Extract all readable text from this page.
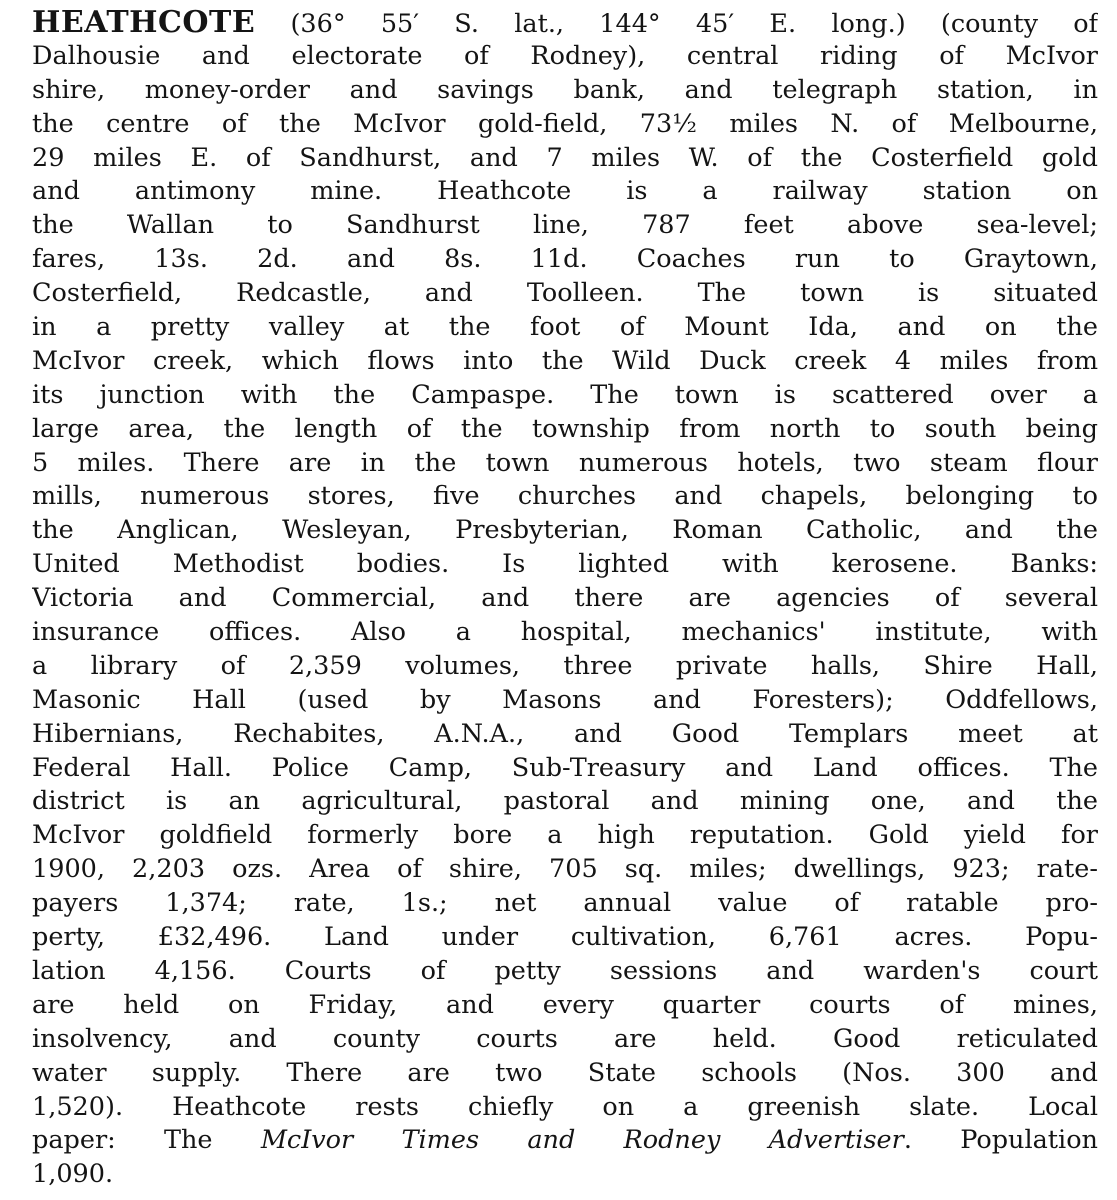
HEATHCOTE (36° 55′ S. lat., 144° 45′ E. long.) (county of
Dalhousie and electorate of Rodney), central riding of McIvor
shire, money-order and savings bank, and telegraph station, in
the centre of the McIvor gold-field, 73½ miles N. of Melbourne,
29 miles E. of Sandhurst, and 7 miles W. of the Costerfield gold
and antimony mine. Heathcote is a railway station on
the Wallan to Sandhurst line, 787 feet above sea-level;
fares, 13s. 2d. and 8s. 11d. Coaches run to Graytown,
Costerfield, Redcastle, and Toolleen. The town is situated
in a pretty valley at the foot of Mount Ida, and on the
McIvor creek, which flows into the Wild Duck creek 4 miles from
its junction with the Campaspe. The town is scattered over a
large area, the length of the township from north to south being
5 miles. There are in the town numerous hotels, two steam flour
mills, numerous stores, five churches and chapels, belonging to
the Anglican, Wesleyan, Presbyterian, Roman Catholic, and the
United Methodist bodies. Is lighted with kerosene. Banks:
Victoria and Commercial, and there are agencies of several
insurance offices. Also a hospital, mechanics' institute, with
a library of 2,359 volumes, three private halls, Shire Hall,
Masonic Hall (used by Masons and Foresters); Oddfellows,
Hibernians, Rechabites, A.N.A., and Good Templars meet at
Federal Hall. Police Camp, Sub-Treasury and Land offices. The
district is an agricultural, pastoral and mining one, and the
McIvor goldfield formerly bore a high reputation. Gold yield for
1900, 2,203 ozs. Area of shire, 705 sq. miles; dwellings, 923; rate-
payers 1,374; rate, 1s.; net annual value of ratable pro-
perty, £32,496. Land under cultivation, 6,761 acres. Popu-
lation 4,156. Courts of petty sessions and warden's court
are held on Friday, and every quarter courts of mines,
insolvency, and county courts are held. Good reticulated
water supply. There are two State schools (Nos. 300 and
1,520). Heathcote rests chiefly on a greenish slate. Local
paper: The McIvor Times and Rodney Advertiser. Population
1,090.
